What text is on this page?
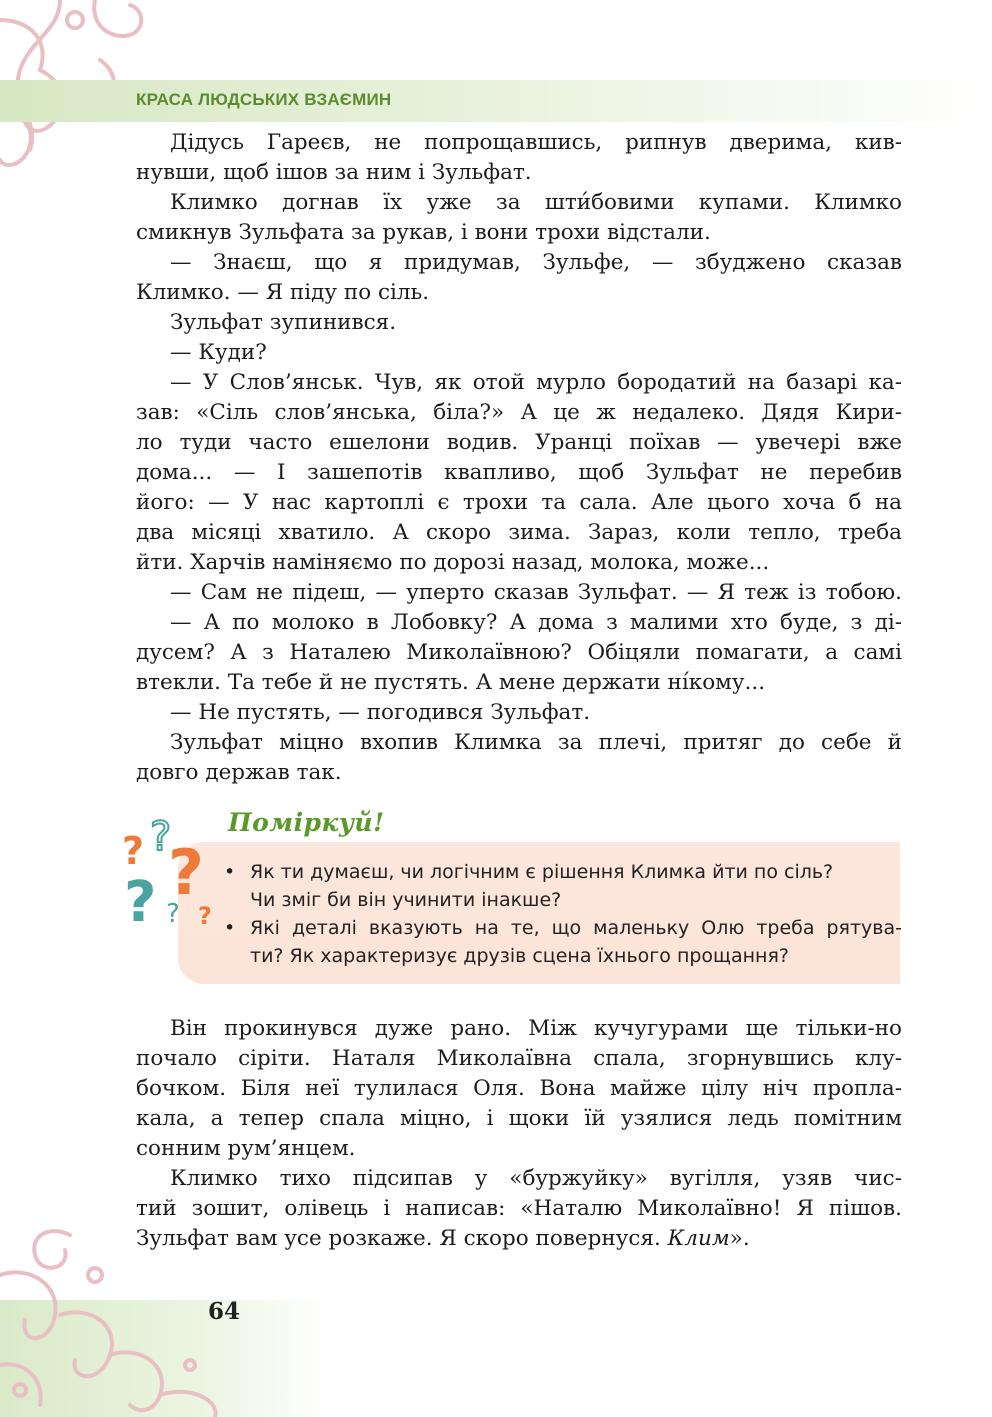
КРАСА ЛЮДСЬКИХ ВЗАЄМИН
Дідусь Гареєв, не попрощавшись, рипнув дверима, кив-
нувши, щоб ішов за ним і Зульфат.
Климко догнав їх уже за шти́бовими купами. Климко
смикнув Зульфата за рукав, і вони трохи відстали.
— Знаєш, що я придумав, Зульфе, — збуджено сказав
Климко. — Я піду по сіль.
Зульфат зупинився.
— Куди?
— У Слов’янськ. Чув, як отой мурло бородатий на базарі ка-
зав: «Сіль слов’янська, біла?» А це ж недалеко. Дядя Кири-
ло туди часто ешелони водив. Уранці поїхав — увечері вже
дома... — І зашепотів квапливо, щоб Зульфат не перебив
його: — У нас картоплі є трохи та сала. Але цього хоча б на
два місяці хватило. А скоро зима. Зараз, коли тепло, треба
йти. Харчів наміняємо по дорозі назад, молока, може...
— Сам не підеш, — уперто сказав Зульфат. — Я теж із тобою.
— А по молоко в Лобовку? А дома з малими хто буде, з ді-
дусем? А з Наталею Миколаївною? Обіцяли помагати, а самі
втекли. Та тебе й не пустять. А мене держати ні́кому...
— Не пустять, — погодився Зульфат.
Зульфат міцно вхопив Климка за плечі, притяг до себе й
довго держав так.
? ?
?
? ? ?
Поміркуй!
• Як ти думаєш, чи логічним є рішення Климка йти по сіль?
Чи зміг би він учинити інакше?
• Які деталі вказують на те, що маленьку Олю треба рятува-
ти? Як характеризує друзів сцена їхнього прощання?
Він прокинувся дуже рано. Між кучугурами ще тільки-но
почало сіріти. Наталя Миколаївна спала, згорнувшись клу-
бочком. Біля неї тулилася Оля. Вона майже цілу ніч пропла-
кала, а тепер спала міцно, і щоки їй узялися ледь помітним
сонним рум’янцем.
Климко тихо підсипав у «буржуйку» вугілля, узяв чис-
тий зошит, олівець і написав: «Наталю Миколаївно! Я пішов.
Зульфат вам усе розкаже. Я скоро повернуся. Клим».
64
